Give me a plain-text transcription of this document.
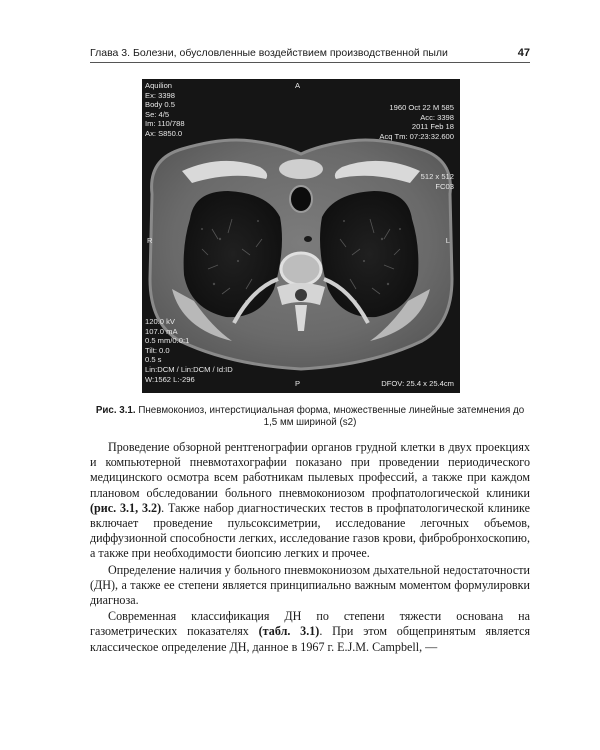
Глава 3. Болезни, обусловленные воздействием производственной пыли	47
Aquilion
Ex: 3398
Body 0.5
Se: 4/5
Im: 110/788
Ax: S850.0
A
1960 Oct 22 M 585
Acc: 3398
2011 Feb 18
Acq Tm: 07:23:32.600
512 x 512
FC03
R	L
120.0 kV
107.0 mA
0.5 mm/0.0:1
Tilt: 0.0
0.5 s
Lin:DCM / Lin:DCM / Id:ID
W:1562 L:-296	P	DFOV: 25.4 x 25.4cm
Рис. 3.1. Пневмокониоз, интерстициальная форма, множественные линейные затемнения до 1,5 мм шириной (s2)

Проведение обзорной рентгенографии органов грудной клетки в двух проекциях и компьютерной пневмотахографии показано при проведении периодического медицинского осмотра всем работникам пылевых профессий, а также при каждом плановом обследовании больного пневмокониозом профпатологической клиники (рис. 3.1, 3.2). Также набор диагностических тестов в профпатологической клинике включает проведение пульсоксиметрии, исследование легочных объемов, диффузионной способности легких, исследование газов крови, фибробронхоскопию, а также при необходимости биопсию легких и прочее.

Определение наличия у больного пневмокониозом дыхательной недостаточности (ДН), а также ее степени является принципиально важным моментом формулировки диагноза.

Современная классификация ДН по степени тяжести основана на газометрических показателях (табл. 3.1). При этом общепринятым является классическое определение ДН, данное в 1967 г. E.J.M. Campbell, —
